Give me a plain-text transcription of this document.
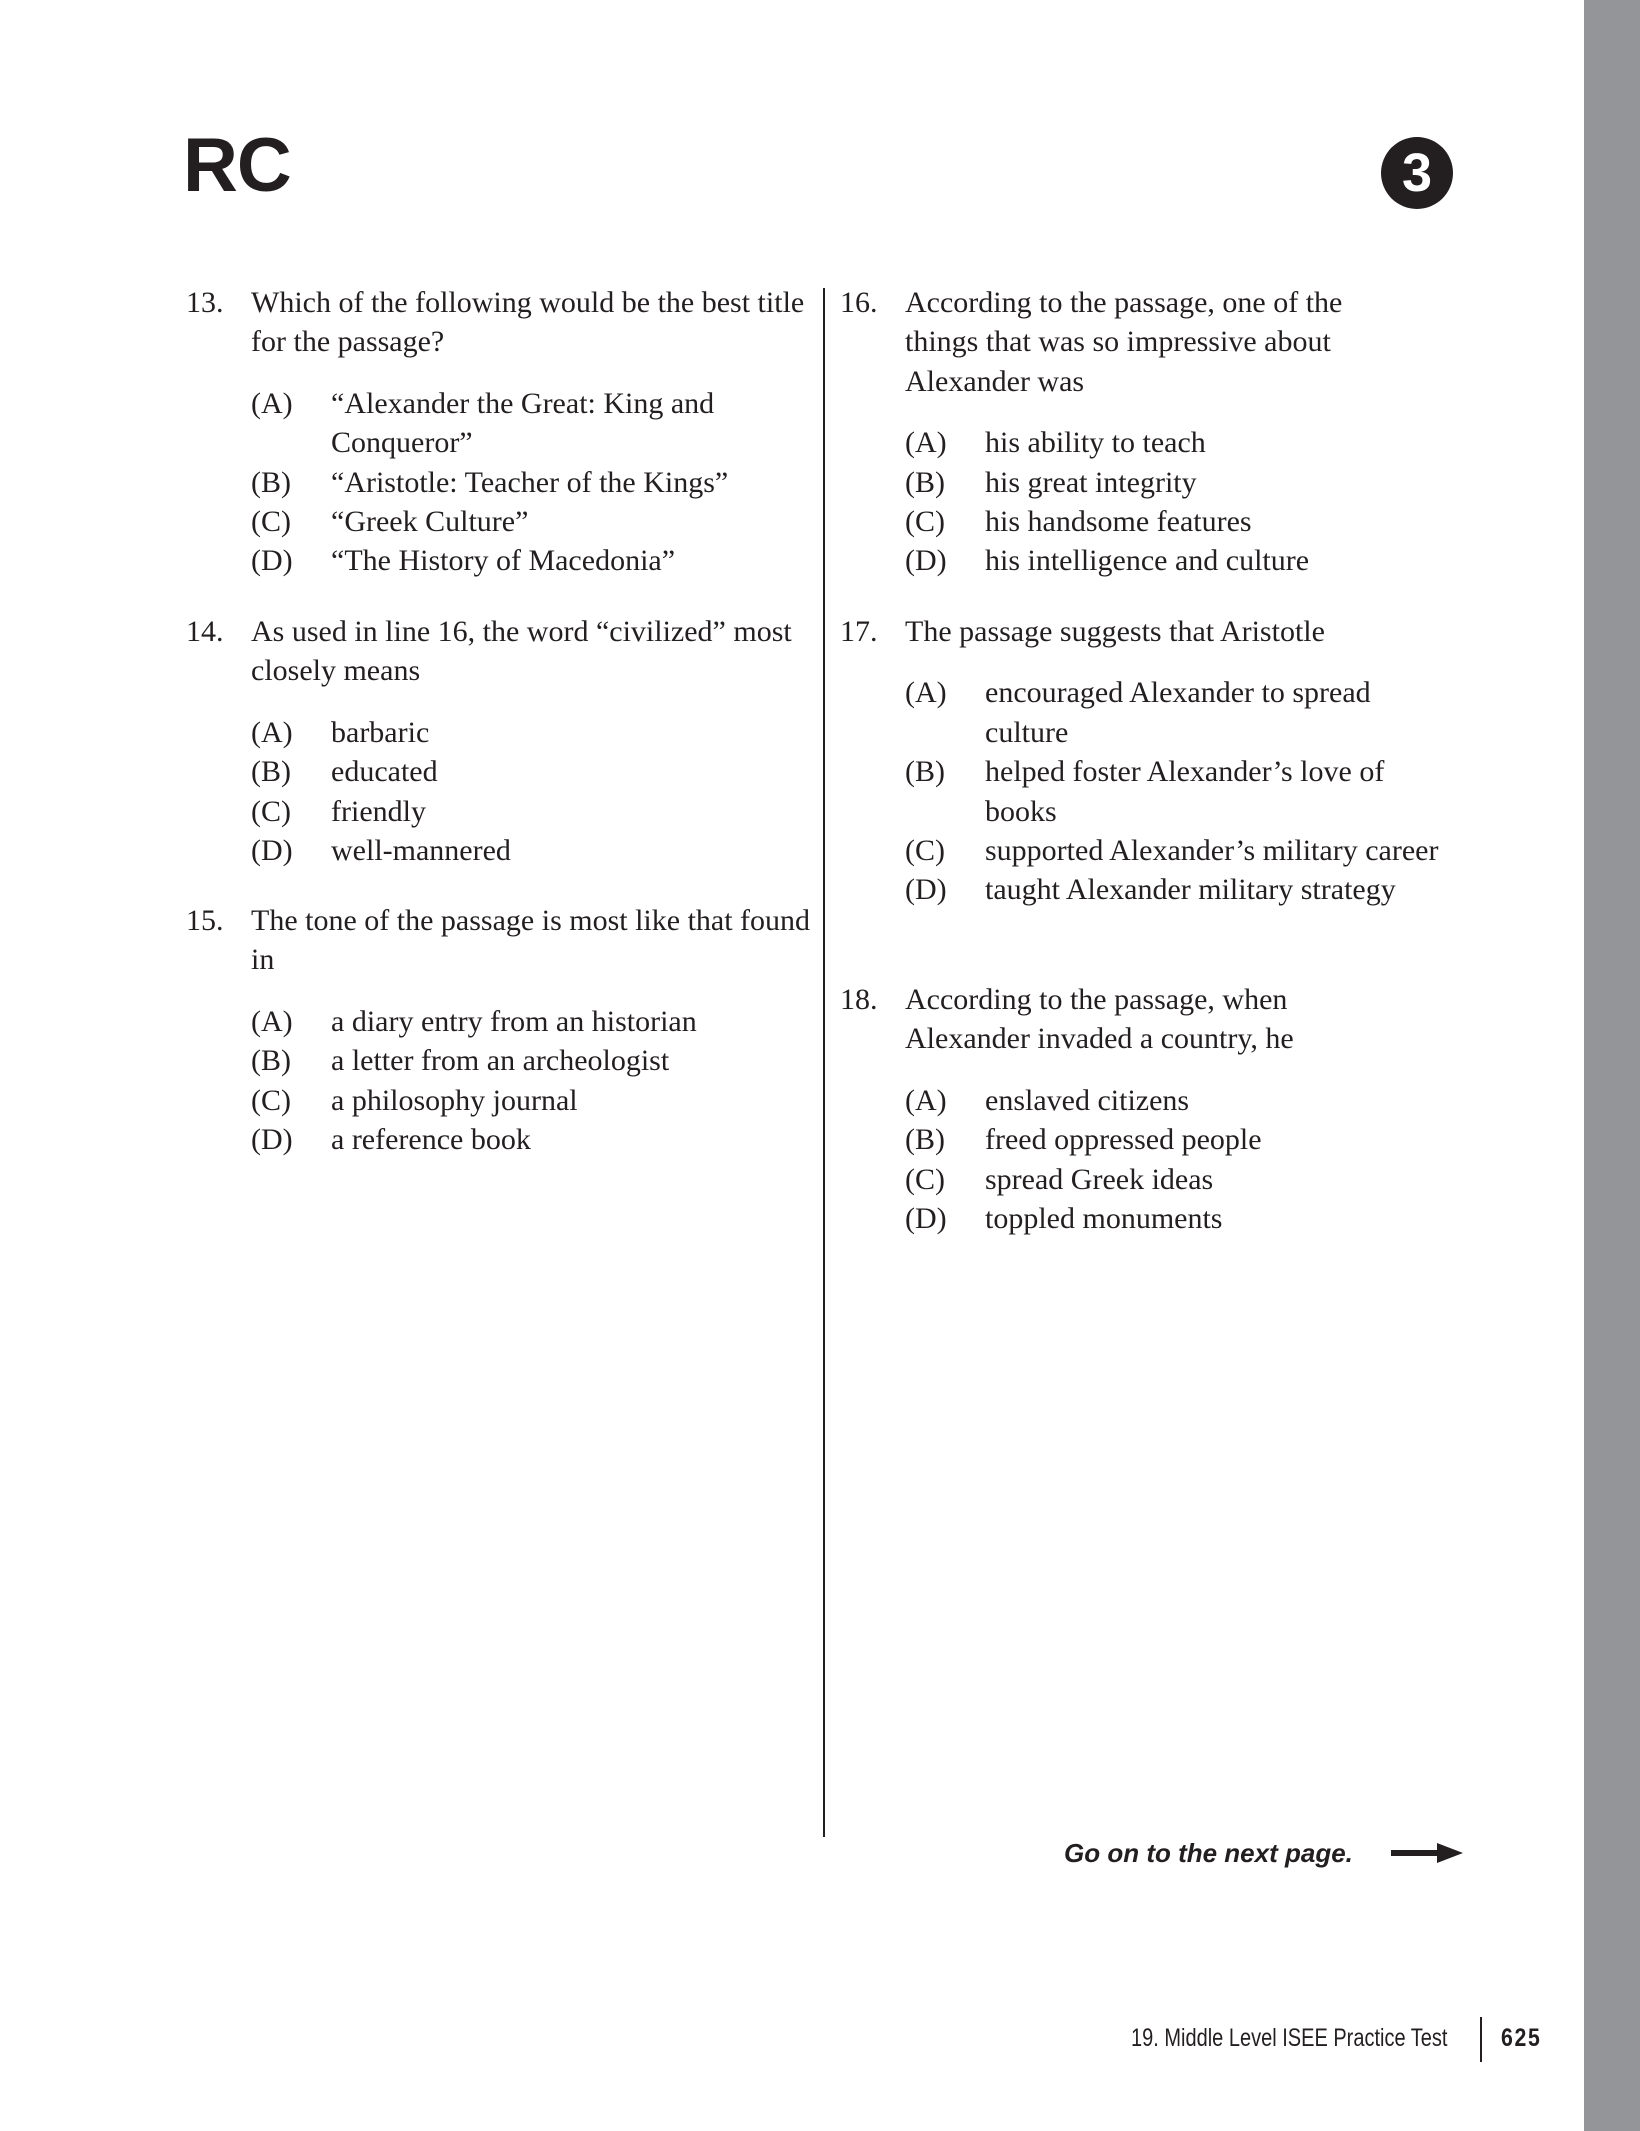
RC	3
13. Which of the following would be the best title for the passage?
(A)	“Alexander the Great: King and Conqueror”
(B)	“Aristotle: Teacher of the Kings”
(C)	“Greek Culture”
(D)	“The History of Macedonia”
14. As used in line 16, the word “civilized” most closely means
(A)	barbaric
(B)	educated
(C)	friendly
(D)	well-mannered
15. The tone of the passage is most like that found in
(A)	a diary entry from an historian
(B)	a letter from an archeologist
(C)	a philosophy journal
(D)	a reference book
16. According to the passage, one of the things that was so impressive about Alexander was
(A)	his ability to teach
(B)	his great integrity
(C)	his handsome features
(D)	his intelligence and culture
17. The passage suggests that Aristotle
(A)	encouraged Alexander to spread culture
(B)	helped foster Alexander’s love of books
(C)	supported Alexander’s military career
(D)	taught Alexander military strategy
18. According to the passage, when Alexander invaded a country, he
(A)	enslaved citizens
(B)	freed oppressed people
(C)	spread Greek ideas
(D)	toppled monuments
Go on to the next page.
19. Middle Level ISEE Practice Test 625
